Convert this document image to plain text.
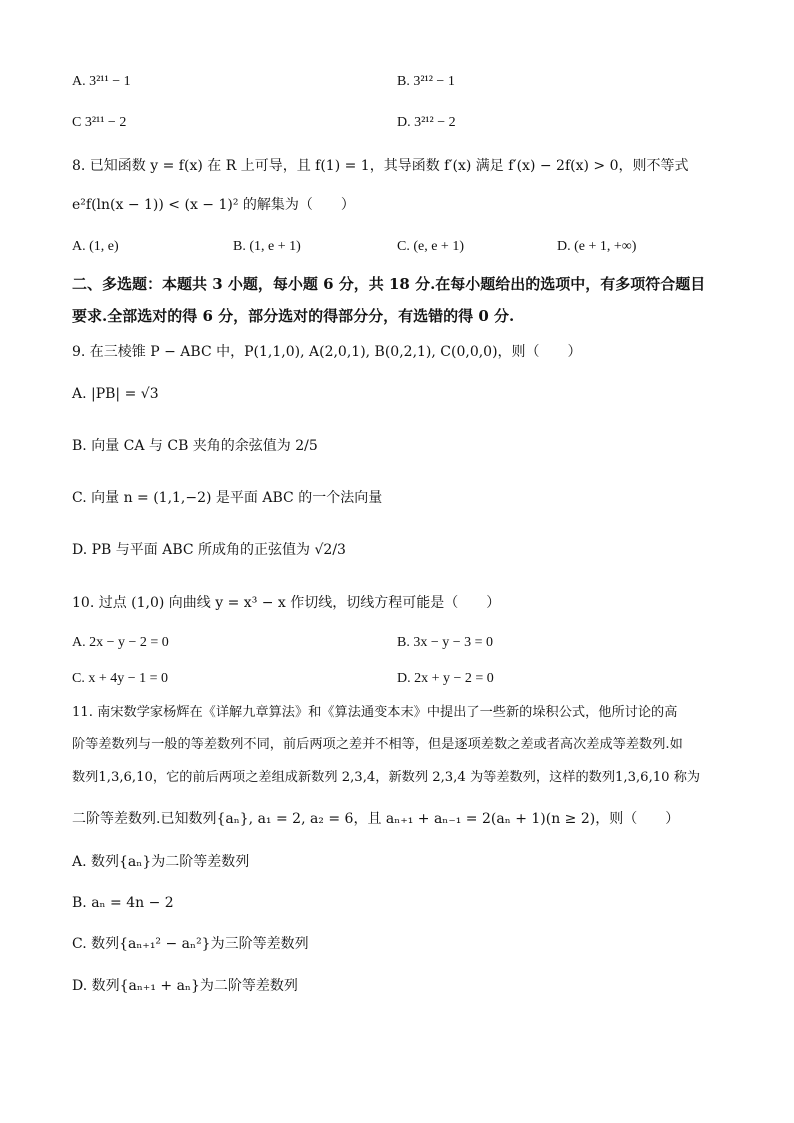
A. 3²¹¹ − 1	B. 3²¹² − 1
C 3²¹¹ − 2	D. 3²¹² − 2
8. 已知函数 y = f(x) 在 R 上可导，且 f(1) = 1，其导函数 f′(x) 满足 f′(x) − 2f(x) > 0，则不等式
e²f(ln(x − 1)) < (x − 1)² 的解集为（　　）
A. (1, e)	B. (1, e + 1)	C. (e, e + 1)	D. (e + 1, +∞)
二、多选题：本题共 3 小题，每小题 6 分，共 18 分.在每小题给出的选项中，有多项符合题目
要求.全部选对的得 6 分，部分选对的得部分分，有选错的得 0 分.
9. 在三棱锥 P − ABC 中，P(1,1,0), A(2,0,1), B(0,2,1), C(0,0,0)，则（　　）
A. |PB| = √3
B. 向量 CA 与 CB 夹角的余弦值为 2/5
C. 向量 n = (1,1,−2) 是平面 ABC 的一个法向量
D. PB 与平面 ABC 所成角的正弦值为 √2/3
10. 过点 (1,0) 向曲线 y = x³ − x 作切线，切线方程可能是（　　）
A. 2x − y − 2 = 0	B. 3x − y − 3 = 0
C. x + 4y − 1 = 0	D. 2x + y − 2 = 0
11. 南宋数学家杨辉在《详解九章算法》和《算法通变本末》中提出了一些新的垛积公式，他所讨论的高
阶等差数列与一般的等差数列不同，前后两项之差并不相等，但是逐项差数之差或者高次差成等差数列.如
数列1,3,6,10，它的前后两项之差组成新数列 2,3,4，新数列 2,3,4 为等差数列，这样的数列1,3,6,10 称为
二阶等差数列.已知数列{aₙ}, a₁ = 2, a₂ = 6，且 aₙ₊₁ + aₙ₋₁ = 2(aₙ + 1)(n ≥ 2)，则（　　）
A. 数列{aₙ}为二阶等差数列
B. aₙ = 4n − 2
C. 数列{aₙ₊₁² − aₙ²}为三阶等差数列
D. 数列{aₙ₊₁ + aₙ}为二阶等差数列
